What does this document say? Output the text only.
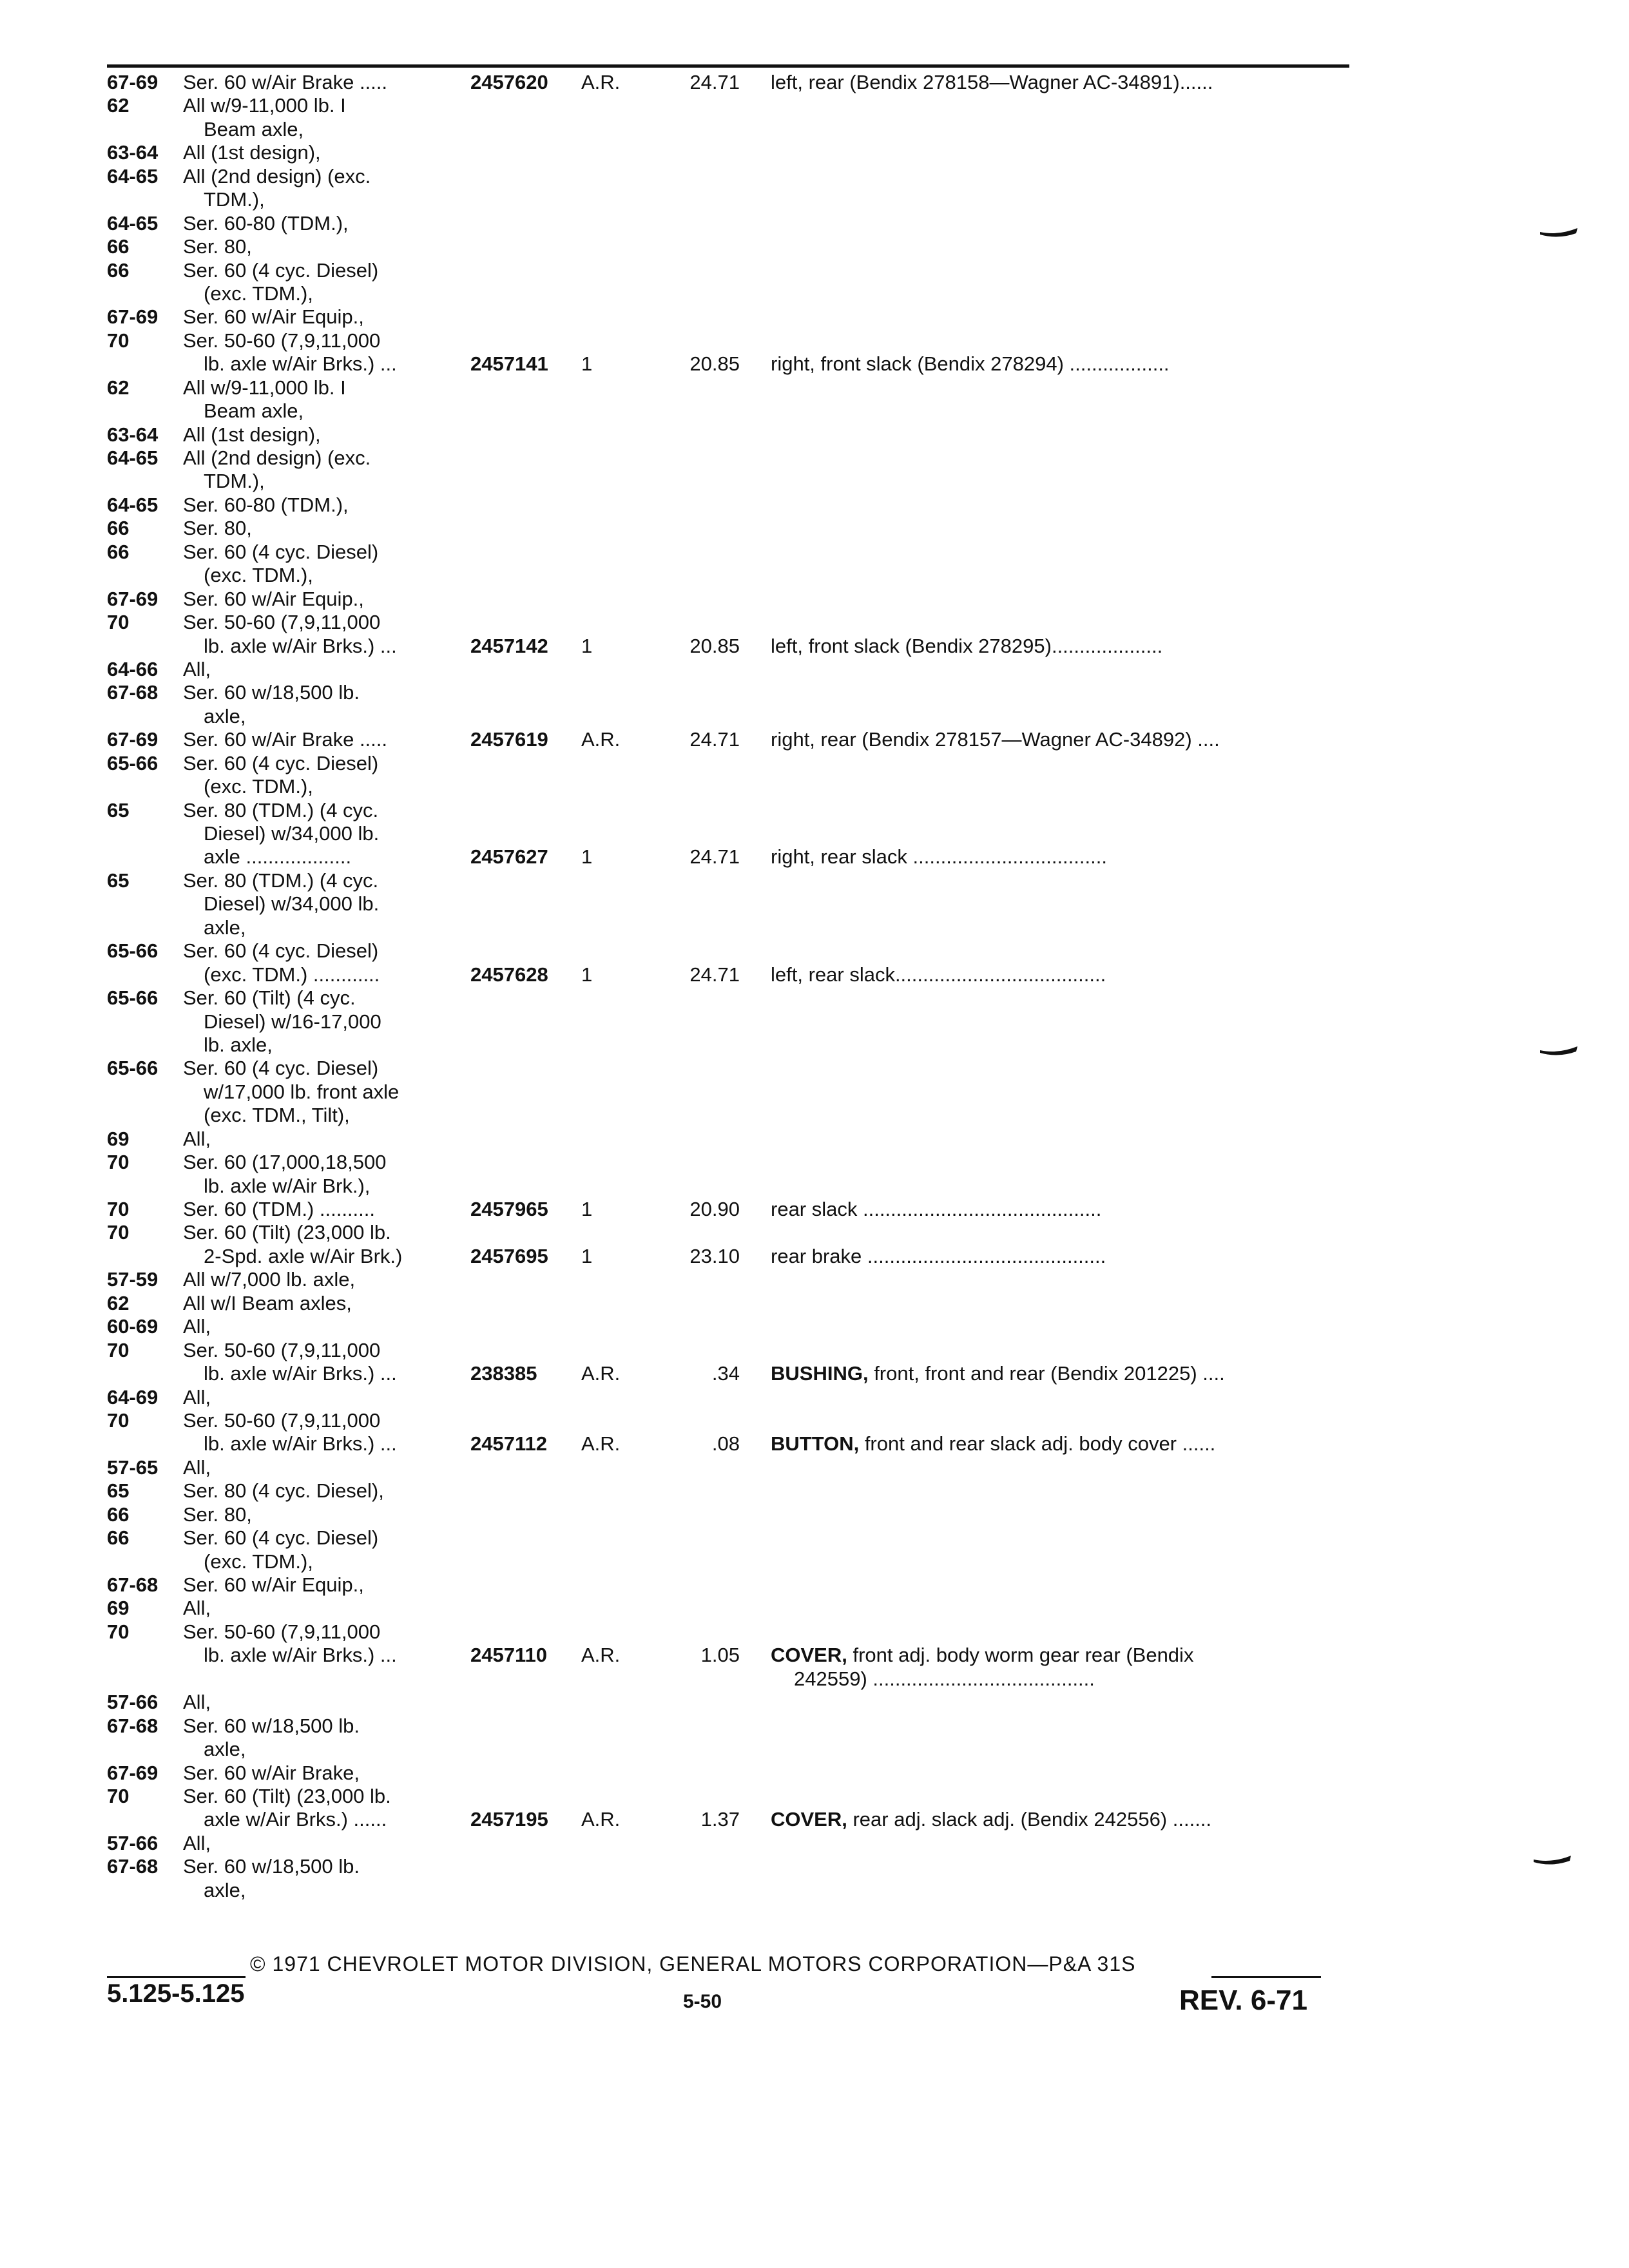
67-69	Ser. 60 w/Air Brake .....	2457620	A.R.	24.71 left, rear (Bendix 278158—Wagner AC-34891)......
62	All w/9-11,000 lb. I
Beam axle,
63-64	All (1st design),
64-65	All (2nd design) (exc.
TDM.),
64-65	Ser. 60-80 (TDM.),
66	Ser. 80,
66	Ser. 60 (4 cyc. Diesel)
(exc. TDM.),
67-69	Ser. 60 w/Air Equip.,
70	Ser. 50-60 (7,9,11,000
lb. axle w/Air Brks.) ...	2457141	1	20.85 right, front slack (Bendix 278294) ..................
62	All w/9-11,000 lb. I
Beam axle,
63-64	All (1st design),
64-65	All (2nd design) (exc.
TDM.),
64-65	Ser. 60-80 (TDM.),
66	Ser. 80,
66	Ser. 60 (4 cyc. Diesel)
(exc. TDM.),
67-69	Ser. 60 w/Air Equip.,
70	Ser. 50-60 (7,9,11,000
lb. axle w/Air Brks.) ...	2457142	1	20.85 left, front slack (Bendix 278295)....................
64-66	All,
67-68	Ser. 60 w/18,500 lb.
axle,
67-69	Ser. 60 w/Air Brake .....	2457619	A.R.	24.71 right, rear (Bendix 278157—Wagner AC-34892) ....
65-66	Ser. 60 (4 cyc. Diesel)
(exc. TDM.),
65	Ser. 80 (TDM.) (4 cyc.
Diesel) w/34,000 lb.
axle ...................	2457627	1	24.71 right, rear slack ...................................
65	Ser. 80 (TDM.) (4 cyc.
Diesel) w/34,000 lb.
axle,
65-66	Ser. 60 (4 cyc. Diesel)
(exc. TDM.) ............	2457628	1	24.71 left, rear slack......................................
65-66	Ser. 60 (Tilt) (4 cyc.
Diesel) w/16-17,000
lb. axle,
65-66	Ser. 60 (4 cyc. Diesel)
w/17,000 lb. front axle
(exc. TDM., Tilt),
69	All,
70	Ser. 60 (17,000,18,500
lb. axle w/Air Brk.),
70	Ser. 60 (TDM.) ..........	2457965	1	20.90 rear slack ...........................................
70	Ser. 60 (Tilt) (23,000 lb.
2-Spd. axle w/Air Brk.)	2457695	1	23.10 rear brake ...........................................
57-59	All w/7,000 lb. axle,
62	All w/I Beam axles,
60-69	All,
70	Ser. 50-60 (7,9,11,000
lb. axle w/Air Brks.) ...	238385	A.R.	.34 BUSHING, front, front and rear (Bendix 201225) ....
64-69	All,
70	Ser. 50-60 (7,9,11,000
lb. axle w/Air Brks.) ...	2457112	A.R.	.08 BUTTON, front and rear slack adj. body cover ......
57-65	All,
65	Ser. 80 (4 cyc. Diesel),
66	Ser. 80,
66	Ser. 60 (4 cyc. Diesel)
(exc. TDM.),
67-68	Ser. 60 w/Air Equip.,
69	All,
70	Ser. 50-60 (7,9,11,000
lb. axle w/Air Brks.) ...	2457110	A.R.	1.05 COVER, front adj. body worm gear rear (Bendix
242559) ........................................
57-66	All,
67-68	Ser. 60 w/18,500 lb.
axle,
67-69	Ser. 60 w/Air Brake,
70	Ser. 60 (Tilt) (23,000 lb.
axle w/Air Brks.) ......	2457195	A.R.	1.37 COVER, rear adj. slack adj. (Bendix 242556) .......
57-66	All,
67-68	Ser. 60 w/18,500 lb.
axle,
© 1971 CHEVROLET MOTOR DIVISION, GENERAL MOTORS CORPORATION—P&A 31S
5.125-5.125	5-50	REV. 6-71
